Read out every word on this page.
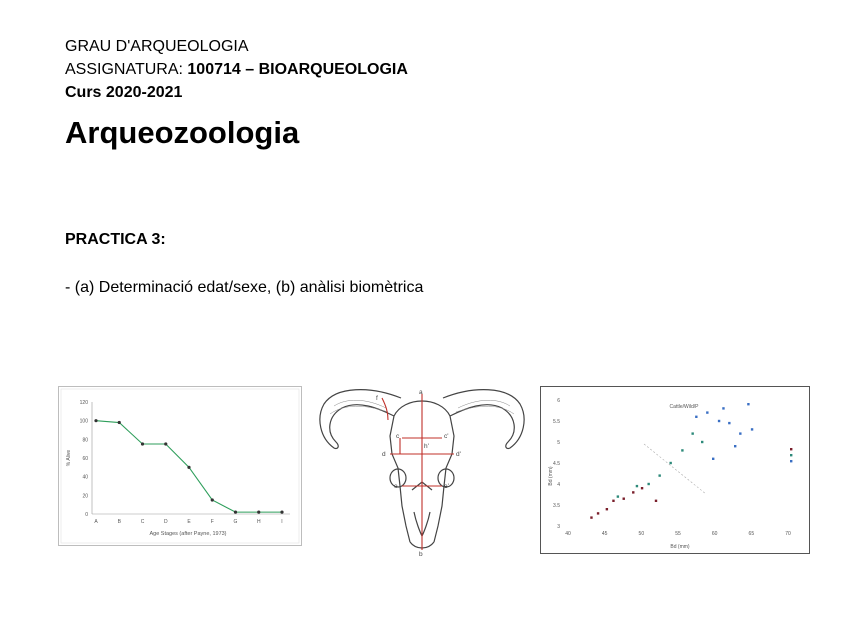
GRAU D'ARQUEOLOGIA
ASSIGNATURA: 100714 – BIOARQUEOLOGIA
Curs 2020-2021
Arqueozoologia
PRACTICA 3:
- (a) Determinació edat/sexe, (b) anàlisi biomètrica
0
20
40
60
80
100
120
A	B	C	D	E	F	G	H	I
% Alive
Age Stages (after Payne, 1973)
a
b
c	c'
d	d'
e	e'
f
h'
Cattle/Wild/P
3
3.5
4
4.5
5
5.5
6
40	45	50	55	60	65	70
Bd (mm)
Bd (mm)
